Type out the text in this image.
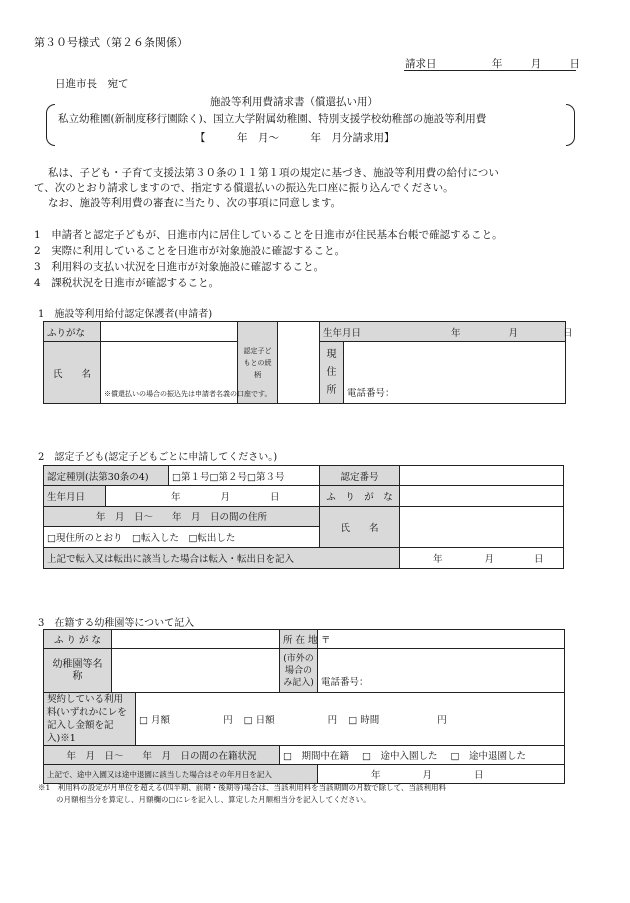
第３０号様式（第２６条関係）
請求日	年	月	日
日進市長　宛て
施設等利用費請求書（償還払い用）
私立幼稚園(新制度移行園除く)、国立大学附属幼稚園、特別支援学校幼稚部の施設等利用費
【　　　年　月～　　　年　月分請求用】
私は、子ども・子育て支援法第３０条の１１第１項の規定に基づき、施設等利用費の給付につい
て、次のとおり請求しますので、指定する償還払いの振込先口座に振り込んでください。
なお、施設等利用費の審査に当たり、次の事項に同意します。
1　 申請者と認定子どもが、日進市内に居住していることを日進市が住民基本台帳で確認すること。
2　 実際に利用していることを日進市が対象施設に確認すること。
3　 利用料の支払い状況を日進市が対象施設に確認すること。
4　 課税状況を日進市が確認すること。
1　施設等利用給付認定保護者(申請者)
ふりがな		認定子どもとの続柄		生年月日 年 月 日	
氏　　名	※償還払いの場合の振込先は申請者名義の口座です。			現住所	電話番号：
2　認定子ども(認定子どもごとに申請してください。)
認定種別(法第30条の4)		□第１号□第２号□第３号	認定番号	
生年月日	年 月 日		ふ　り　が　な	
年　月　日～　　年　月　日の間の住所			氏　　名	
□現住所のとおり　□転入した　□転出した				
上記で転入又は転出に該当した場合は転入・転出日を記入				年 月 日
3　在籍する幼稚園等について記入
ふ り が な			所 在 地	〒
幼稚園等名　　称			(市外の場合のみ記入)	電話番号：
契約している利用料(いずれかにレを記入し金額を記入)※1		□ 月額 円 □ 日額 円 □ 時間 円		
年　月　日～　　年　月　日の間の在籍状況			□　期間中在籍 □　途中入園した □　途中退園した	
上記で、途中入園又は途中退園に該当した場合はその年月日を記入				年 月 日
※1　 利用料の設定が月単位を超える(四半期、前期・後期等)場合は、当該利用料を当該期間の月数で除して、当該利用料
の月額相当分を算定し、月額欄の□にレを記入し、算定した月額相当分を記入してください。
